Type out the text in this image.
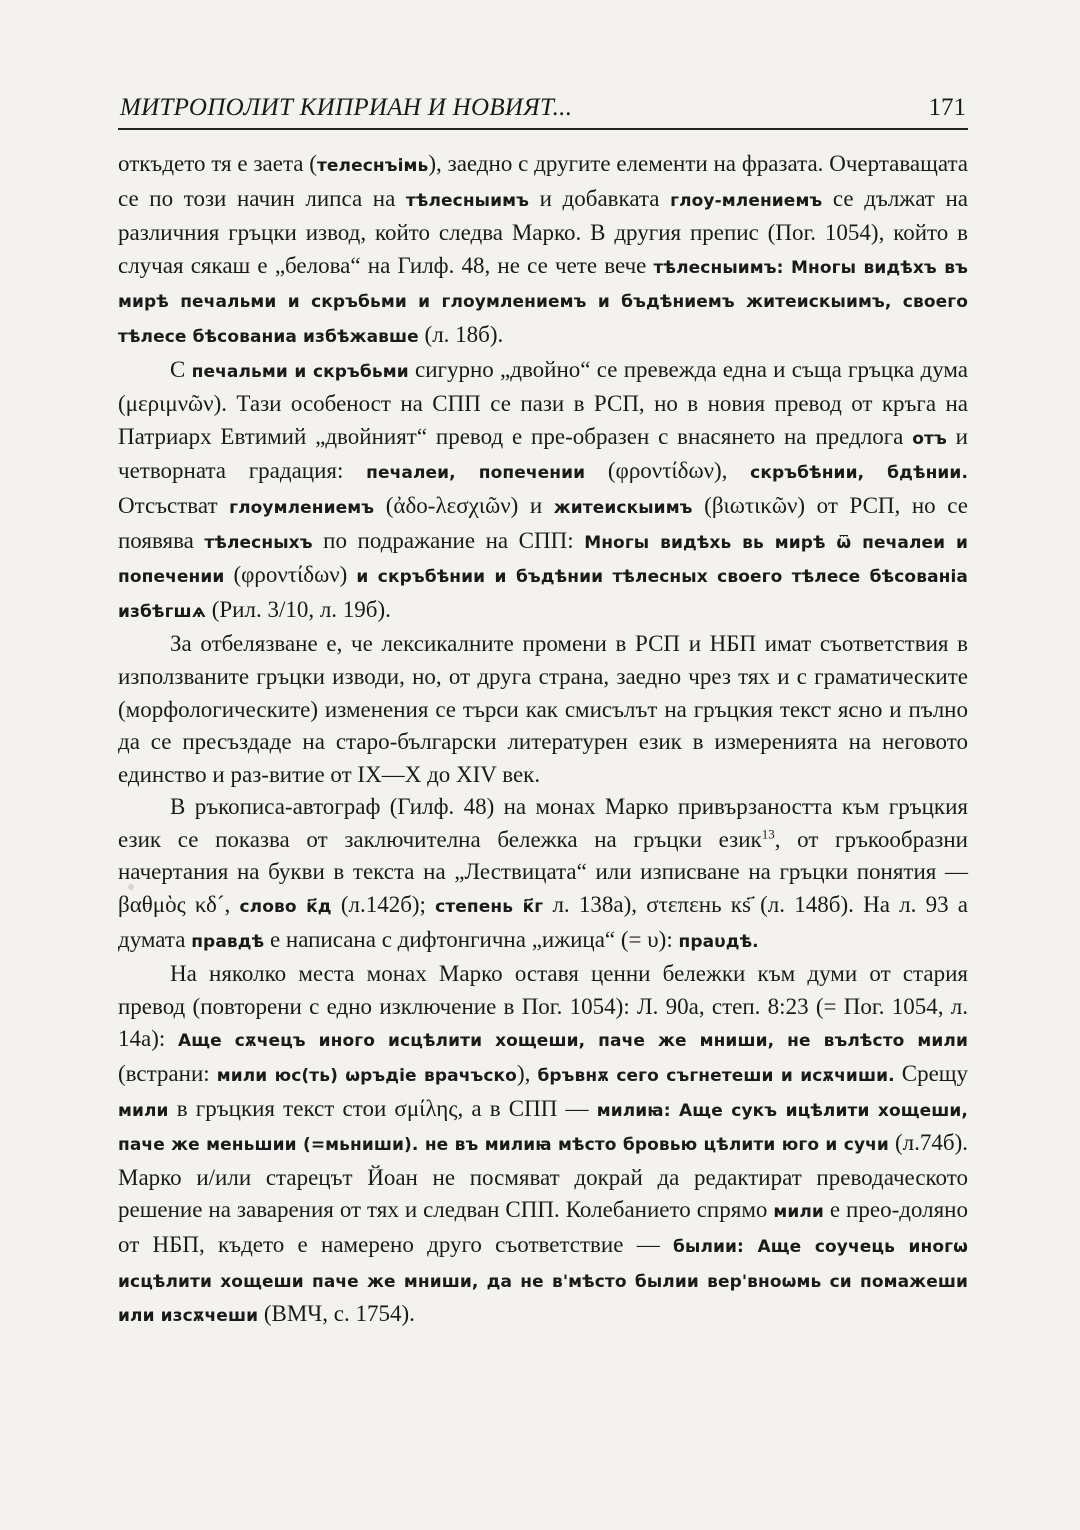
МИТРОПОЛИТ КИПРИАН И НОВИЯТ...	171

откъдето тя е заета (телеснъімь), заедно с другите елементи на фразата. Очертаващата се по този начин липса на тѣлесныимъ и добавката глоу-млениемъ се дължат на различния гръцки извод, който следва Марко. В другия препис (Пог. 1054), който в случая сякаш е „белова“ на Гилф. 48, не се чете вече тѣлесныимъ: Многы видѣхъ въ мирѣ печальми и скръбьми и глоумлениемъ и бъдѣниемъ житеискыимъ, своего тѣлесе бѣсованиа избѣжавше (л. 18б).

С печальми и скръбьми сигурно „двойно“ се превежда една и съща гръцка дума (μεριμνῶν). Тази особеност на СПП се пази в РСП, но в новия превод от кръга на Патриарх Евтимий „двойният“ превод е пре-образен с внасянето на предлога отъ и четворната градация: печалеи, попечении (φροντίδων), скръбѣнии, бдѣнии. Отсъстват глоумлениемъ (ἀδο-λεσχιῶν) и житеискыимъ (βιωτικῶν) от РСП, но се появява тѣлесныхъ по подражание на СПП: Многы видѣхь вь мирѣ ѿ печалеи и попечении (φροντίδων) и скръбѣнии и бъдѣнии тѣлесных своего тѣлесе бѣсованіа избѣгшѧ (Рил. 3/10, л. 19б).

За отбелязване е, че лексикалните промени в РСП и НБП имат съответствия в използваните гръцки изводи, но, от друга страна, заедно чрез тях и с граматическите (морфологическите) изменения се търси как смисълът на гръцкия текст ясно и пълно да се пресъздаде на старо-български литературен език в измеренията на неговото единство и раз-витие от IX—X до XIV век.

В ръкописа-автограф (Гилф. 48) на монах Марко привързаността към гръцкия език се показва от заключителна бележка на гръцки език$^{13}$, от гръкообразни начертания на букви в текста на „Лествицата“ или изписване на гръцки понятия — βαθμὸς κδ´, слово к҃д (л.142б); степень к҃г л. 138а), στεπεнь кѕ҃ (л. 148б). На л. 93 а думата правдѣ е написана с дифтонгична „ижица“ (= υ): праυдѣ.

На няколко места монах Марко оставя ценни бележки към думи от стария превод (повторени с едно изключение в Пог. 1054): Л. 90а, степ. 8:23 (= Пог. 1054, л. 14а): Аще сѫчецъ иного исцѣлити хощеши, паче же мниши, не вълѣсто мили (встрани: мили юс(ть) ѡръдіе врачъско), бръвнѫ сего съгнетеши и исѫчиши. Срещу мили в гръцкия текст стои σμίλης, а в СПП — милиꙗ: Аще сукъ ицѣлити хощеши, паче же меньшии (=мьниши). не въ милиꙗ мѣсто бровью цѣлити юго и сучи (л.74б). Марко и/или старецът Йоан не посмяват докрай да редактират преводаческото решение на заварения от тях и следван СПП. Колебанието спрямо мили е прео-доляно от НБП, където е намерено друго съответствие — былии: Аще соучець иногѡ исцѣлити хощеши паче же мниши, да не в'мѣсто былии вер'вноѡмь си помажеши или изсѫчеши (ВМЧ, с. 1754).
